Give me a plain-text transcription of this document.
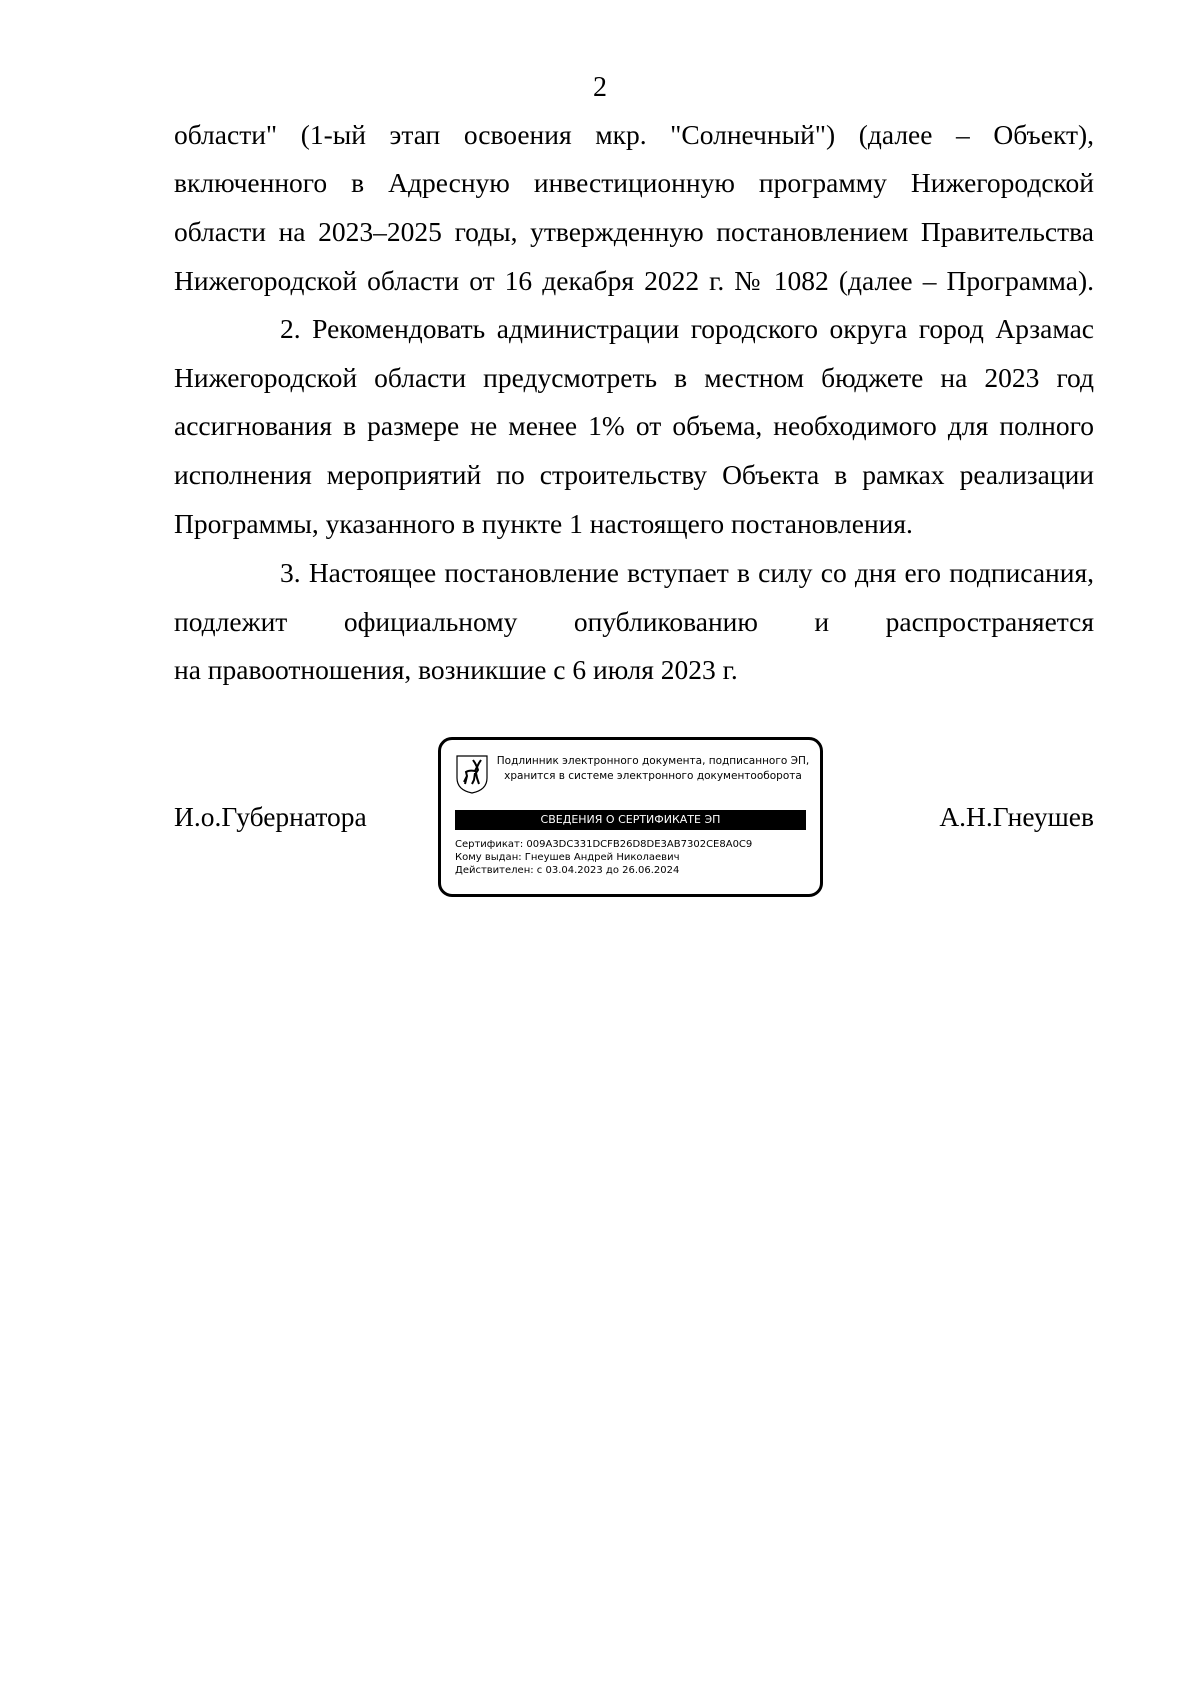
2
области" (1-ый этап освоения мкр. "Солнечный") (далее – Объект),
включенного в Адресную инвестиционную программу Нижегородской
области на 2023–2025 годы, утвержденную постановлением Правительства
Нижегородской области от 16 декабря 2022 г. № 1082 (далее – Программа).
2. Рекомендовать администрации городского округа город Арзамас
Нижегородской области предусмотреть в местном бюджете на 2023 год
ассигнования в размере не менее 1% от объема, необходимого для полного
исполнения мероприятий по строительству Объекта в рамках реализации
Программы, указанного в пункте 1 настоящего постановления.
3. Настоящее постановление вступает в силу со дня его подписания,
подлежит официальному опубликованию и распространяется
на правоотношения, возникшие с 6 июля 2023 г.
И.о.Губернатора	А.Н.Гнеушев
Подлинник электронного документа, подписанного ЭП,
хранится в системе электронного документооборота
СВЕДЕНИЯ О СЕРТИФИКАТЕ ЭП
Сертификат: 009A3DC331DCFB26D8DE3AB7302CE8A0C9
Кому выдан: Гнеушев Андрей Николаевич
Действителен: с 03.04.2023 до 26.06.2024
